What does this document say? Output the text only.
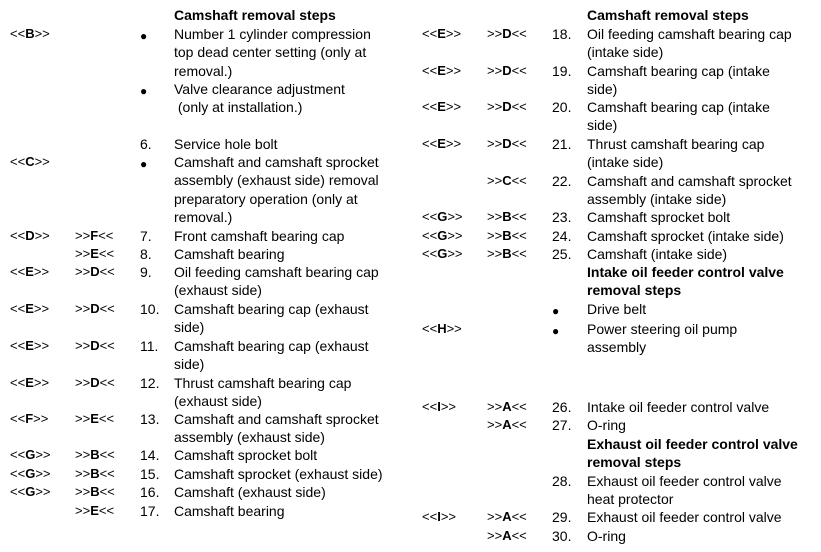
Camshaft removal steps
<<B>>	● Number 1 cylinder compression
top dead center setting (only at
removal.)
● Valve clearance adjustment
(only at installation.)
6. Service hole bolt
<<C>>	● Camshaft and camshaft sprocket
assembly (exhaust side) removal
preparatory operation (only at
removal.)
<<D>> >>F<< 7. Front camshaft bearing cap
>>E<< 8. Camshaft bearing
<<E>> >>D<< 9. Oil feeding camshaft bearing cap
(exhaust side)
<<E>> >>D<< 10. Camshaft bearing cap (exhaust
side)
<<E>> >>D<< 11. Camshaft bearing cap (exhaust
side)
<<E>> >>D<< 12. Thrust camshaft bearing cap
(exhaust side)
<<F>> >>E<< 13. Camshaft and camshaft sprocket
assembly (exhaust side)
<<G>> >>B<< 14. Camshaft sprocket bolt
<<G>> >>B<< 15. Camshaft sprocket (exhaust side)
<<G>> >>B<< 16. Camshaft (exhaust side)
>>E<< 17. Camshaft bearing
Camshaft removal steps
<<E>> >>D<< 18. Oil feeding camshaft bearing cap
(intake side)
<<E>> >>D<< 19. Camshaft bearing cap (intake
side)
<<E>> >>D<< 20. Camshaft bearing cap (intake
side)
<<E>> >>D<< 21. Thrust camshaft bearing cap
(intake side)
>>C<< 22. Camshaft and camshaft sprocket
assembly (intake side)
<<G>> >>B<< 23. Camshaft sprocket bolt
<<G>> >>B<< 24. Camshaft sprocket (intake side)
<<G>> >>B<< 25. Camshaft (intake side)
Intake oil feeder control valve
removal steps
● Drive belt
<<H>>	● Power steering oil pump
assembly
<<I>> >>A<< 26. Intake oil feeder control valve
>>A<< 27. O-ring
Exhaust oil feeder control valve
removal steps
28. Exhaust oil feeder control valve
heat protector
<<I>> >>A<< 29. Exhaust oil feeder control valve
>>A<< 30. O-ring
